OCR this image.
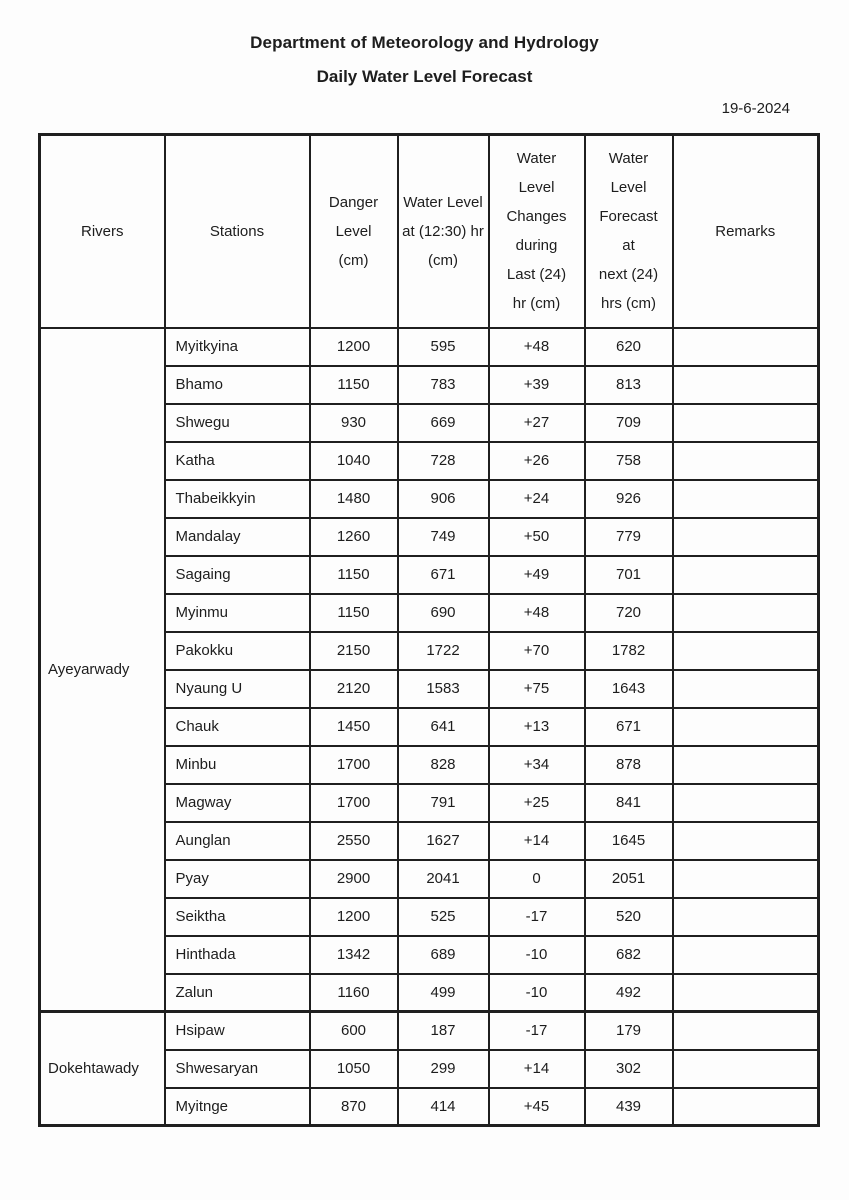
Department of Meteorology and Hydrology
Daily Water Level Forecast
19-6-2024
Rivers	Stations	Danger
Level
(cm)	Water Level
at (12:30) hr
(cm)	Water
Level
Changes
during
Last (24)
hr (cm)	Water
Level
Forecast
at
next (24)
hrs (cm)	Remarks
Ayeyarwady	Myitkyina	1200	595	+48	620	
	Bhamo	1150	783	+39	813	
	Shwegu	930	669	+27	709	
	Katha	1040	728	+26	758	
	Thabeikkyin	1480	906	+24	926	
	Mandalay	1260	749	+50	779	
	Sagaing	1150	671	+49	701	
	Myinmu	1150	690	+48	720	
	Pakokku	2150	1722	+70	1782	
	Nyaung U	2120	1583	+75	1643	
	Chauk	1450	641	+13	671	
	Minbu	1700	828	+34	878	
	Magway	1700	791	+25	841	
	Aunglan	2550	1627	+14	1645	
	Pyay	2900	2041	0	2051	
	Seiktha	1200	525	-17	520	
	Hinthada	1342	689	-10	682	
	Zalun	1160	499	-10	492	
Dokehtawady	Hsipaw	600	187	-17	179	
	Shwesaryan	1050	299	+14	302	
	Myitnge	870	414	+45	439	
